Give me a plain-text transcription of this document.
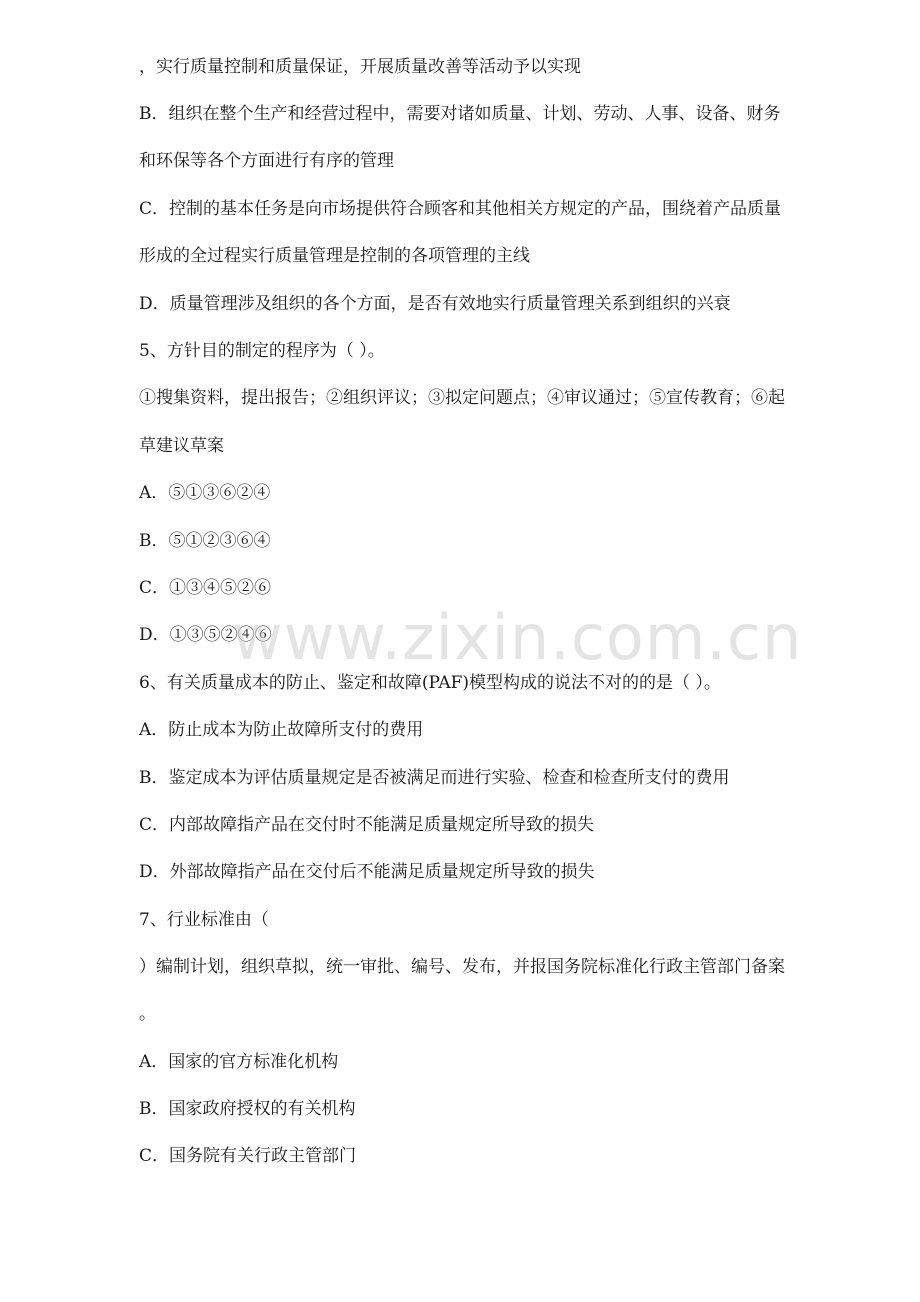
，实行质量控制和质量保证，开展质量改善等活动予以实现
B．组织在整个生产和经营过程中，需要对诸如质量、计划、劳动、人事、设备、财务
和环保等各个方面进行有序的管理
C．控制的基本任务是向市场提供符合顾客和其他相关方规定的产品，围绕着产品质量
形成的全过程实行质量管理是控制的各项管理的主线
D．质量管理涉及组织的各个方面，是否有效地实行质量管理关系到组织的兴衰
5、方针目的制定的程序为（ ）。
①搜集资料，提出报告；②组织评议；③拟定问题点；④审议通过；⑤宣传教育；⑥起
草建议草案
A．⑤①③⑥②④
B．⑤①②③⑥④
C．①③④⑤②⑥
D．①③⑤②④⑥
6、有关质量成本的防止、鉴定和故障(PAF)模型构成的说法不对的的是（ ）。
A．防止成本为防止故障所支付的费用
B．鉴定成本为评估质量规定是否被满足而进行实验、检查和检查所支付的费用
C．内部故障指产品在交付时不能满足质量规定所导致的损失
D．外部故障指产品在交付后不能满足质量规定所导致的损失
7、行业标准由（
）编制计划，组织草拟，统一审批、编号、发布，并报国务院标准化行政主管部门备案
。
A．国家的官方标准化机构
B．国家政府授权的有关机构
C．国务院有关行政主管部门
www.zixin.com.cn
